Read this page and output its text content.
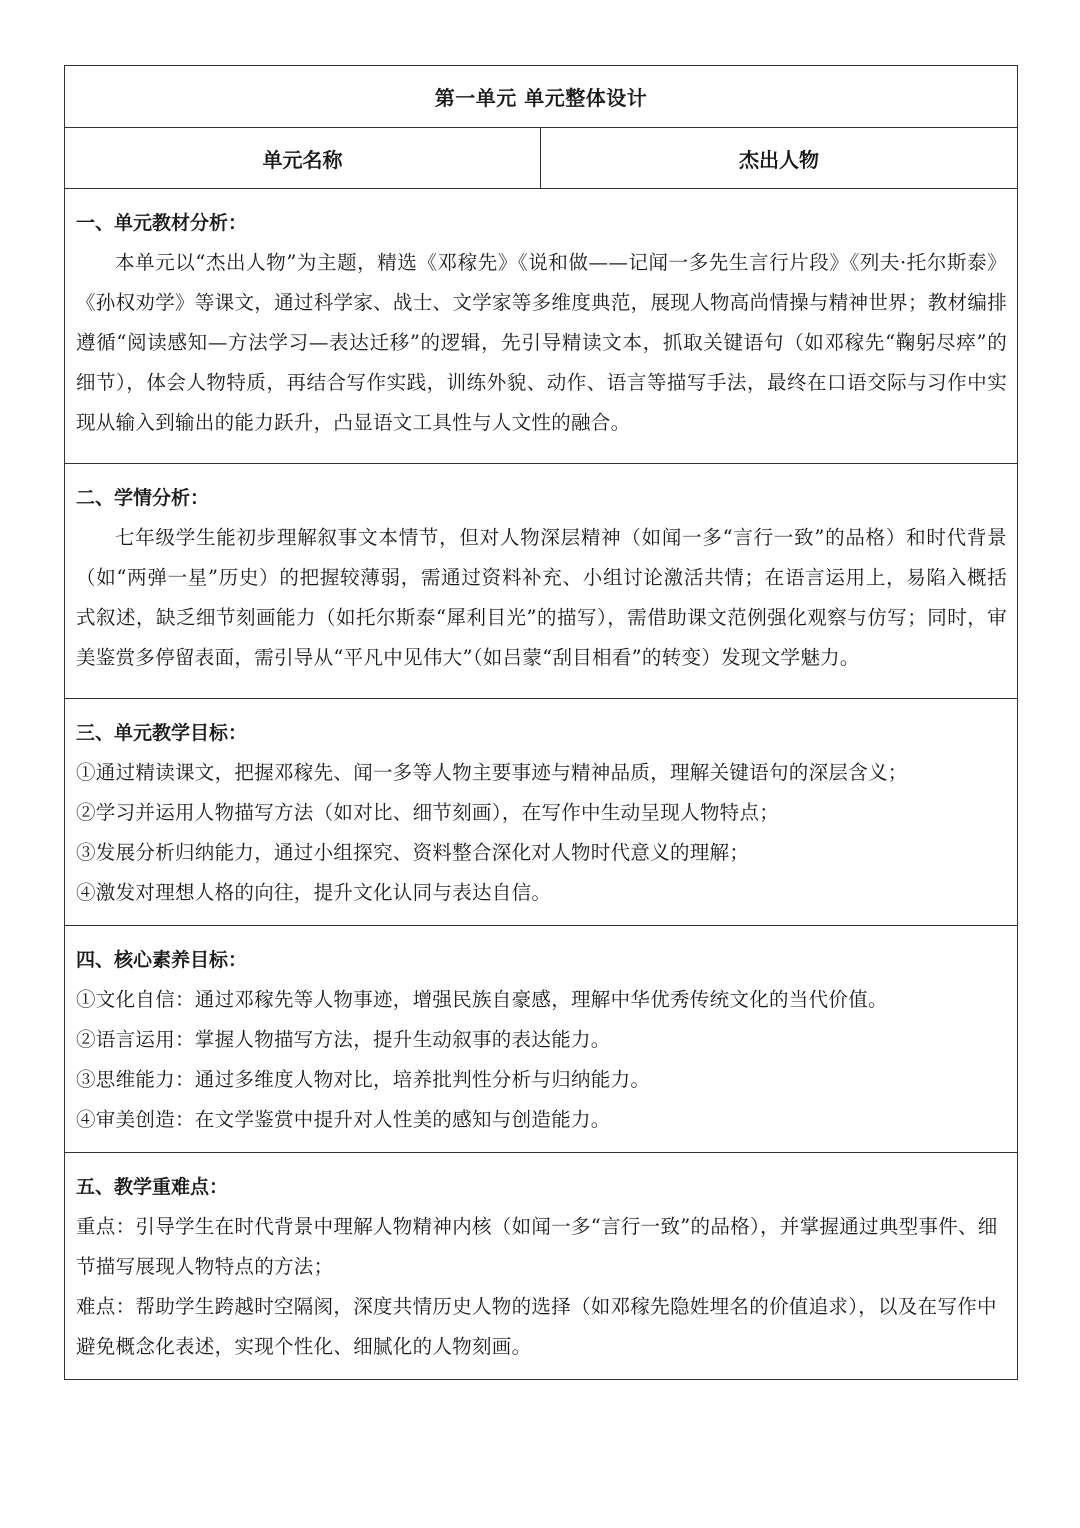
第一单元 单元整体设计
单元名称	杰出人物

一、单元教材分析：

本单元以“杰出人物”为主题，精选《邓稼先》《说和做——记闻一多先生言行片段》《列夫·托尔斯泰》《孙权劝学》等课文，通过科学家、战士、文学家等多维度典范，展现人物高尚情操与精神世界；教材编排遵循“阅读感知—方法学习—表达迁移”的逻辑，先引导精读文本，抓取关键语句（如邓稼先“鞠躬尽瘁”的细节），体会人物特质，再结合写作实践，训练外貌、动作、语言等描写手法，最终在口语交际与习作中实现从输入到输出的能力跃升，凸显语文工具性与人文性的融合。

二、学情分析：

七年级学生能初步理解叙事文本情节，但对人物深层精神（如闻一多“言行一致”的品格）和时代背景（如“两弹一星”历史）的把握较薄弱，需通过资料补充、小组讨论激活共情；在语言运用上，易陷入概括式叙述，缺乏细节刻画能力（如托尔斯泰“犀利目光”的描写），需借助课文范例强化观察与仿写；同时，审美鉴赏多停留表面，需引导从“平凡中见伟大”（如吕蒙“刮目相看”的转变）发现文学魅力。

三、单元教学目标：

①通过精读课文，把握邓稼先、闻一多等人物主要事迹与精神品质，理解关键语句的深层含义；

②学习并运用人物描写方法（如对比、细节刻画），在写作中生动呈现人物特点；

③发展分析归纳能力，通过小组探究、资料整合深化对人物时代意义的理解；

④激发对理想人格的向往，提升文化认同与表达自信。

四、核心素养目标：

①文化自信：通过邓稼先等人物事迹，增强民族自豪感，理解中华优秀传统文化的当代价值。

②语言运用：掌握人物描写方法，提升生动叙事的表达能力。

③思维能力：通过多维度人物对比，培养批判性分析与归纳能力。

④审美创造：在文学鉴赏中提升对人性美的感知与创造能力。

五、教学重难点：

重点：引导学生在时代背景中理解人物精神内核（如闻一多“言行一致”的品格），并掌握通过典型事件、细节描写展现人物特点的方法；

难点：帮助学生跨越时空隔阂，深度共情历史人物的选择（如邓稼先隐姓埋名的价值追求），以及在写作中避免概念化表述，实现个性化、细腻化的人物刻画。
